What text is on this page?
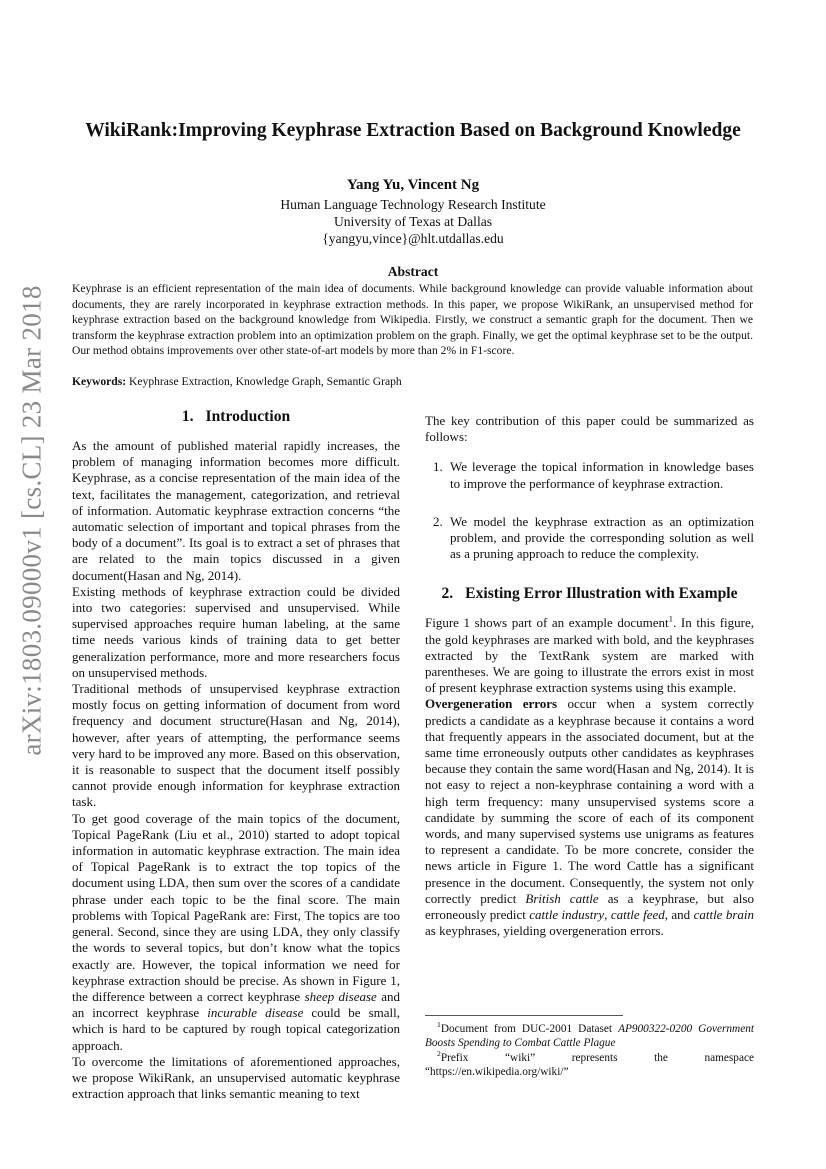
arXiv:1803.09000v1 [cs.CL] 23 Mar 2018
WikiRank:Improving Keyphrase Extraction Based on Background Knowledge
Yang Yu, Vincent Ng
Human Language Technology Research Institute
University of Texas at Dallas
{yangyu,vince}@hlt.utdallas.edu
Abstract

Keyphrase is an efficient representation of the main idea of documents. While background knowledge can provide valuable information about documents, they are rarely incorporated in keyphrase extraction methods. In this paper, we propose WikiRank, an unsupervised method for keyphrase extraction based on the background knowledge from Wikipedia. Firstly, we construct a semantic graph for the document. Then we transform the keyphrase extraction problem into an optimization problem on the graph. Finally, we get the optimal keyphrase set to be the output. Our method obtains improvements over other state-of-art models by more than 2% in F1-score.

Keywords: Keyphrase Extraction, Knowledge Graph, Semantic Graph

1. Introduction

As the amount of published material rapidly increases, the problem of managing information becomes more difficult. Keyphrase, as a concise representation of the main idea of the text, facilitates the management, categorization, and retrieval of information. Automatic keyphrase extraction concerns “the automatic selection of important and topical phrases from the body of a document”. Its goal is to extract a set of phrases that are related to the main topics discussed in a given document(Hasan and Ng, 2014).

Existing methods of keyphrase extraction could be divided into two categories: supervised and unsupervised. While supervised approaches require human labeling, at the same time needs various kinds of training data to get better generalization performance, more and more researchers focus on unsupervised methods.

Traditional methods of unsupervised keyphrase extraction mostly focus on getting information of document from word frequency and document structure(Hasan and Ng, 2014), however, after years of attempting, the performance seems very hard to be improved any more. Based on this observation, it is reasonable to suspect that the document itself possibly cannot provide enough information for keyphrase extraction task.

To get good coverage of the main topics of the document, Topical PageRank (Liu et al., 2010) started to adopt topical information in automatic keyphrase extraction. The main idea of Topical PageRank is to extract the top topics of the document using LDA, then sum over the scores of a candidate phrase under each topic to be the final score. The main problems with Topical PageRank are: First, The topics are too general. Second, since they are using LDA, they only classify the words to several topics, but don’t know what the topics exactly are. However, the topical information we need for keyphrase extraction should be precise. As shown in Figure 1, the difference between a correct keyphrase sheep disease and an incorrect keyphrase incurable disease could be small, which is hard to be captured by rough topical categorization approach.

To overcome the limitations of aforementioned approaches, we propose WikiRank, an unsupervised automatic keyphrase extraction approach that links semantic meaning to text

The key contribution of this paper could be summarized as follows:

1. We leverage the topical information in knowledge bases to improve the performance of keyphrase extraction.
2. We model the keyphrase extraction as an optimization problem, and provide the corresponding solution as well as a pruning approach to reduce the complexity.
2. Existing Error Illustration with Example

Figure 1 shows part of an example document$^1$. In this figure, the gold keyphrases are marked with bold, and the keyphrases extracted by the TextRank system are marked with parentheses. We are going to illustrate the errors exist in most of present keyphrase extraction systems using this example.

Overgeneration errors occur when a system correctly predicts a candidate as a keyphrase because it contains a word that frequently appears in the associated document, but at the same time erroneously outputs other candidates as keyphrases because they contain the same word(Hasan and Ng, 2014). It is not easy to reject a non-keyphrase containing a word with a high term frequency: many unsupervised systems score a candidate by summing the score of each of its component words, and many supervised systems use unigrams as features to represent a candidate. To be more concrete, consider the news article in Figure 1. The word Cattle has a significant presence in the document. Consequently, the system not only correctly predict British cattle as a keyphrase, but also erroneously predict cattle industry, cattle feed, and cattle brain as keyphrases, yielding overgeneration errors.

$^1$Document from DUC-2001 Dataset AP900322-0200 Government Boosts Spending to Combat Cattle Plague

$^2$Prefix “wiki” represents the namespace

“https://en.wikipedia.org/wiki/”
